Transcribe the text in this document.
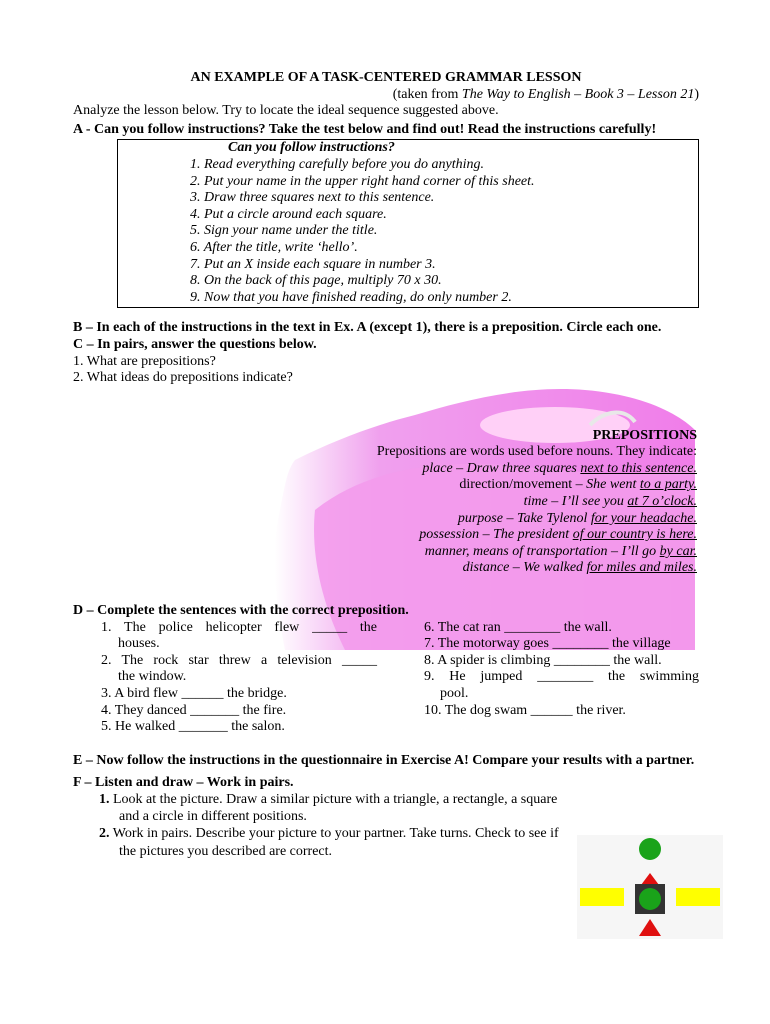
AN EXAMPLE OF A TASK-CENTERED GRAMMAR LESSON
(taken from The Way to English – Book 3 – Lesson 21)
Analyze the lesson below. Try to locate the ideal sequence suggested above.
A - Can you follow instructions? Take the test below and find out! Read the instructions carefully!
Can you follow instructions?
1. Read everything carefully before you do anything.
2. Put your name in the upper right hand corner of this sheet.
3. Draw three squares next to this sentence.
4. Put a circle around each square.
5. Sign your name under the title.
6. After the title, write ‘hello’.
7. Put an X inside each square in number 3.
8. On the back of this page, multiply 70 x 30.
9. Now that you have finished reading, do only number 2.
B – In each of the instructions in the text in Ex. A (except 1), there is a preposition. Circle each one.
C – In pairs, answer the questions below.
1. What are prepositions?
2. What ideas do prepositions indicate?
PREPOSITIONS
Prepositions are words used before nouns. They indicate:
place – Draw three squares next to this sentence.
direction/movement – She went to a party.
time – I’ll see you at 7 o’clock.
purpose – Take Tylenol for your headache.
possession – The president of our country is here.
manner, means of transportation – I’ll go by car.
distance – We walked for miles and miles.
D – Complete the sentences with the correct preposition.
1. The police helicopter flew _____ the
houses.
2. The rock star threw a television _____
the window.
3. A bird flew ______ the bridge.
4. They danced _______ the fire.
5. He walked _______ the salon.
6. The cat ran ________ the wall.
7. The motorway goes ________ the village
8. A spider is climbing ________ the wall.
9. He jumped ________ the swimming
pool.
10. The dog swam ______ the river.
E – Now follow the instructions in the questionnaire in Exercise A! Compare your results with a partner.
F – Listen and draw – Work in pairs.
1. Look at the picture. Draw a similar picture with a triangle, a rectangle, a square and a circle in different positions.
2. Work in pairs. Describe your picture to your partner. Take turns. Check to see if the pictures you described are correct.
